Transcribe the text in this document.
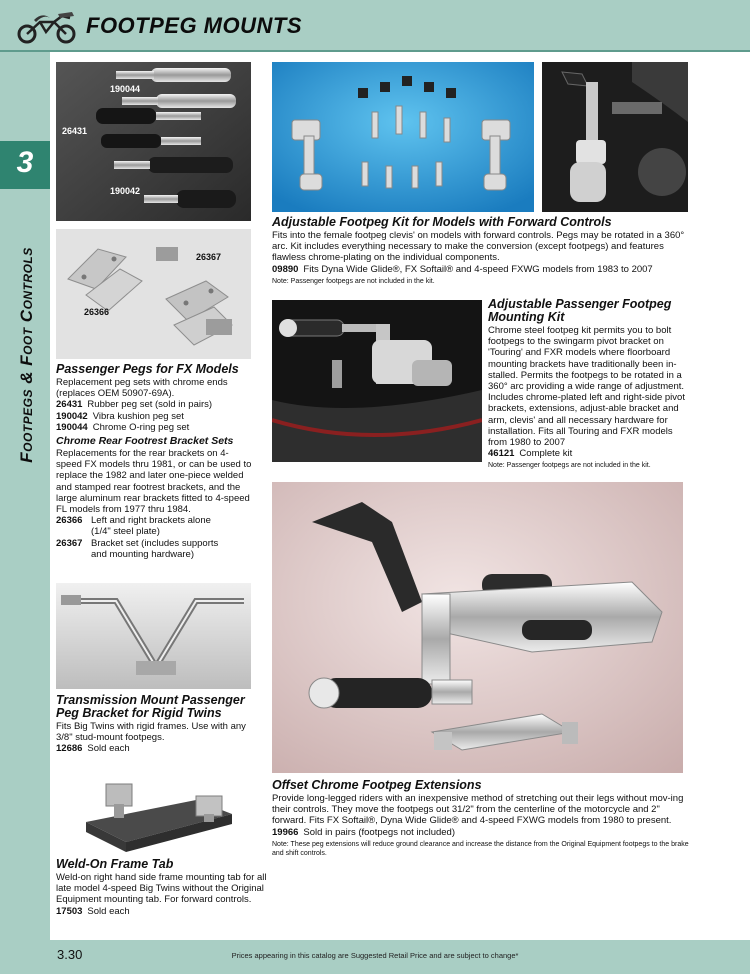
FOOTPEG MOUNTS
3
Footpegs & Foot Controls
3.30	Prices appearing in this catalog are Suggested Retail Price and are subject to change*
190044
26431
190042
26367
26366
Passenger Pegs for FX Models

Replacement peg sets with chrome ends (replaces OEM 50907-69A).

26431 Rubber peg set (sold in pairs)
190042 Vibra kushion peg set
190044 Chrome O-ring peg set
Chrome Rear Footrest Bracket Sets

Replacements for the rear brackets on 4-speed FX models thru 1981, or can be used to replace the 1982 and later one-piece welded and stamped rear footrest brackets, and the large aluminum rear brackets fitted to 4-speed FL models from 1977 thru 1984.

26366 Left and right brackets alone
(1/4" steel plate)
26367 Bracket set (includes supports
and mounting hardware)
Transmission Mount Passenger Peg Bracket for Rigid Twins

Fits Big Twins with rigid frames. Use with any 3/8" stud-mount footpegs.

12686 Sold each
Weld-On Frame Tab

Weld-on right hand side frame mounting tab for all late model 4-speed Big Twins without the Original Equipment mounting tab. For forward controls.

17503 Sold each
Adjustable Footpeg Kit for Models with Forward Controls

Fits into the female footpeg clevis' on models with forward controls. Pegs may be rotated in a 360° arc. Kit includes everything necessary to make the conversion (except footpegs) and features flawless chrome-plating on the individual components.

09890 Fits Dyna Wide Glide®, FX Softail® and 4-speed FXWG models from 1983 to 2007

Note: Passenger footpegs are not included in the kit.

Adjustable Passenger Footpeg Mounting Kit

Chrome steel footpeg kit permits you to bolt footpegs to the swingarm pivot bracket on 'Touring' and FXR models where floorboard mounting brackets have traditionally been in-stalled. Permits the footpegs to be rotated in a 360° arc providing a wide range of adjustment. Includes chrome-plated left and right-side pivot brackets, extensions, adjust-able bracket and arm, clevis' and all necessary hardware for installation. Fits all Touring and FXR models from 1980 to 2007

46121 Complete kit

Note: Passenger footpegs are not included in the kit.

Offset Chrome Footpeg Extensions

Provide long-legged riders with an inexpensive method of stretching out their legs without mov-ing their controls. They move the footpegs out 31/2" from the centerline of the motorcycle and 2" forward. Fits FX Softail®, Dyna Wide Glide® and 4-speed FXWG models from 1980 to present.

19966 Sold in pairs (footpegs not included)

Note: These peg extensions will reduce ground clearance and increase the distance from the Original Equipment footpegs to the brake and shift controls.
